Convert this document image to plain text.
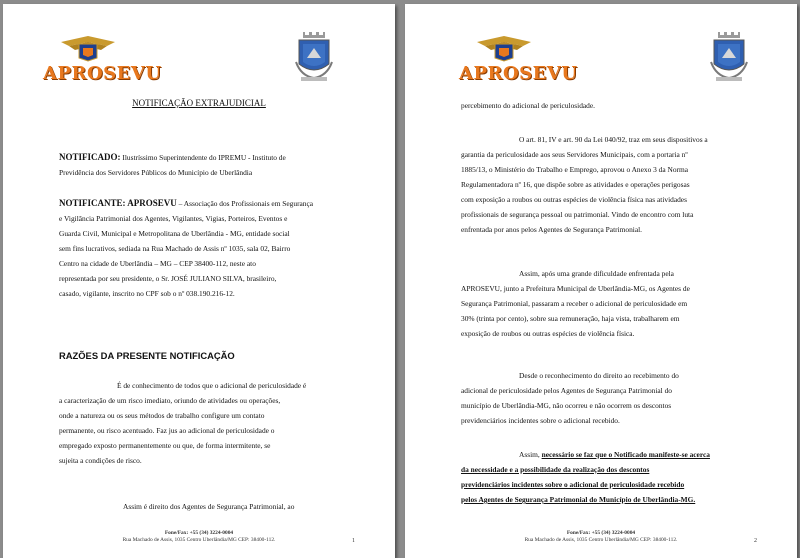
APROSEVU
NOTIFICAÇÃO EXTRAJUDICIAL
NOTIFICADO: Ilustríssimo Superintendente do IPREMU - Instituto de
Previdência dos Servidores Públicos do Município de Uberlândia
NOTIFICANTE: APROSEVU – Associação dos Profissionais em Segurança
e Vigilância Patrimonial dos Agentes, Vigilantes, Vigias, Porteiros, Eventos e
Guarda Civil, Municipal e Metropolitana de Uberlândia - MG, entidade social
sem fins lucrativos, sediada na Rua Machado de Assis nº 1035, sala 02, Bairro
Centro na cidade de Uberlândia – MG – CEP 38400-112, neste ato
representada por seu presidente, o Sr. JOSÉ JULIANO SILVA, brasileiro,
casado, vigilante, inscrito no CPF sob o nº 038.190.216-12.
RAZÕES DA PRESENTE NOTIFICAÇÃO
É de conhecimento de todos que o adicional de periculosidade é
a caracterização de um risco imediato, oriundo de atividades ou operações,
onde a natureza ou os seus métodos de trabalho configure um contato
permanente, ou risco acentuado. Faz jus ao adicional de periculosidade o
empregado exposto permanentemente ou que, de forma intermitente, se
sujeita a condições de risco.
Assim é direito dos Agentes de Segurança Patrimonial, ao
Fone/Fax: +55 (34) 3224-0004
Rua Machado de Assis, 1035 Centro Uberlândia/MG CEP: 38400-112.	1
APROSEVU
percebimento do adicional de periculosidade.
O art. 81, IV e art. 90 da Lei 040/92, traz em seus dispositivos a
garantia da periculosidade aos seus Servidores Municipais, com a portaria nº
1885/13, o Ministério do Trabalho e Emprego, aprovou o Anexo 3 da Norma
Regulamentadora nº 16, que dispõe sobre as atividades e operações perigosas
com exposição a roubos ou outras espécies de violência física nas atividades
profissionais de segurança pessoal ou patrimonial. Vindo de encontro com luta
enfrentada por anos pelos Agentes de Segurança Patrimonial.
Assim, após uma grande dificuldade enfrentada pela
APROSEVU, junto a Prefeitura Municipal de Uberlândia-MG, os Agentes de
Segurança Patrimonial, passaram a receber o adicional de periculosidade em
30% (trinta por cento), sobre sua remuneração, haja vista, trabalharem em
exposição de roubos ou outras espécies de violência física.
Desde o reconhecimento do direito ao recebimento do
adicional de periculosidade pelos Agentes de Segurança Patrimonial do
município de Uberlândia-MG, não ocorreu e não ocorrem os descontos
previdenciários incidentes sobre o adicional recebido.
Assim, necessário se faz que o Notificado manifeste-se acerca
da necessidade e a possibilidade da realização dos descontos
previdenciários incidentes sobre o adicional de periculosidade recebido
pelos Agentes de Segurança Patrimonial do Município de Uberlândia-MG.
Fone/Fax: +55 (34) 3224-0004
Rua Machado de Assis, 1035 Centro Uberlândia/MG CEP: 38400-112.	2
